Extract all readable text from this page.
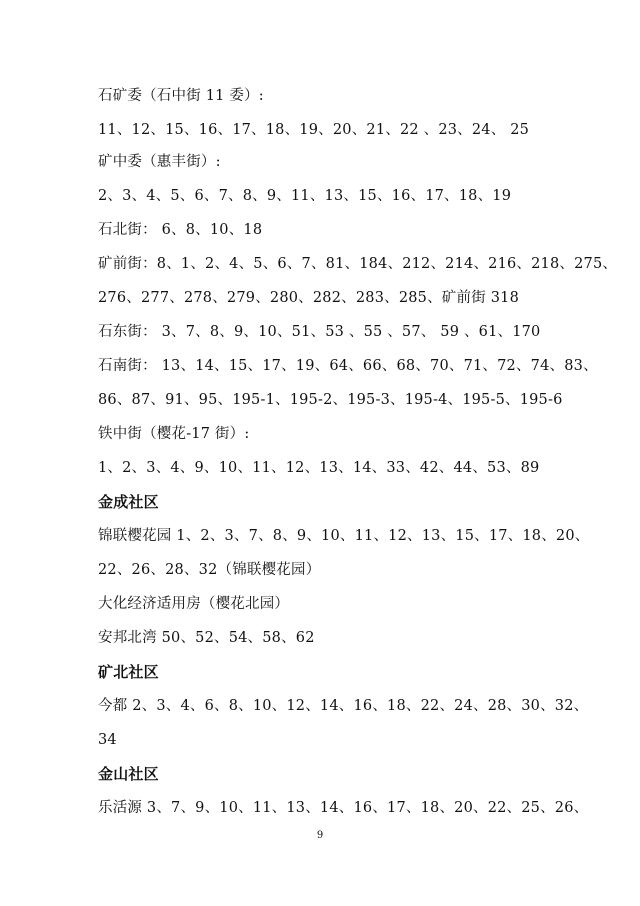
石矿委（石中街 11 委）:
11、12、15、16、17、18、19、20、21、22 、23、24、 25
矿中委（惠丰街）:
2、3、4、5、6、7、8、9、11、13、15、16、17、18、19
石北街： 6、8、10、18
矿前街：8、1、2、4、5、6、7、81、184、212、214、216、218、275、
276、277、278、279、280、282、283、285、矿前街 318
石东街： 3、7、8、9、10、51、53 、55 、57、 59 、61、170
石南街： 13、14、15、17、19、64、66、68、70、71、72、74、83、
86、87、91、95、195-1、195-2、195-3、195-4、195-5、195-6
铁中街（樱花-17 街）:
1、2、3、4、9、10、11、12、13、14、33、42、44、53、89
金成社区
锦联樱花园 1、2、3、7、8、9、10、11、12、13、15、17、18、20、
22、26、28、32（锦联樱花园）
大化经济适用房（樱花北园）
安邦北湾 50、52、54、58、62
矿北社区
今都 2、3、4、6、8、10、12、14、16、18、22、24、28、30、32、
34
金山社区
乐活源 3、7、9、10、11、13、14、16、17、18、20、22、25、26、
9
